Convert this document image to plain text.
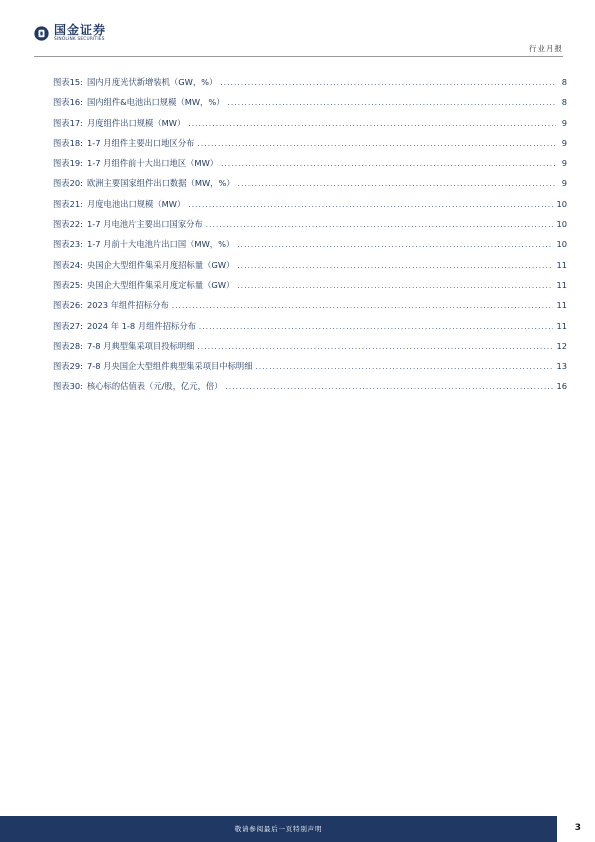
国金证券
SINOLINK SECURITIES
行业月报
图表15: 国内月度光伏新增装机（GW，%） .....	8
图表16: 国内组件&电池出口规模（MW，%） .....	8
图表17: 月度组件出口规模（MW） .....	9
图表18: 1-7 月组件主要出口地区分布 .....	9
图表19: 1-7 月组件前十大出口地区（MW） .....	9
图表20: 欧洲主要国家组件出口数据（MW，%） .....	9
图表21: 月度电池出口规模（MW） .....	10
图表22: 1-7 月电池片主要出口国家分布 .....	10
图表23: 1-7 月前十大电池片出口国（MW，%） .....	10
图表24: 央国企大型组件集采月度招标量（GW） .....	11
图表25: 央国企大型组件集采月度定标量（GW） .....	11
图表26: 2023 年组件招标分布 .....	11
图表27: 2024 年 1-8 月组件招标分布 .....	11
图表28: 7-8 月典型集采项目投标明细 .....	12
图表29: 7-8 月央国企大型组件典型集采项目中标明细 .....	13
图表30: 核心标的估值表（元/股，亿元，倍） .....	16
敬请参阅最后一页特别声明	3
